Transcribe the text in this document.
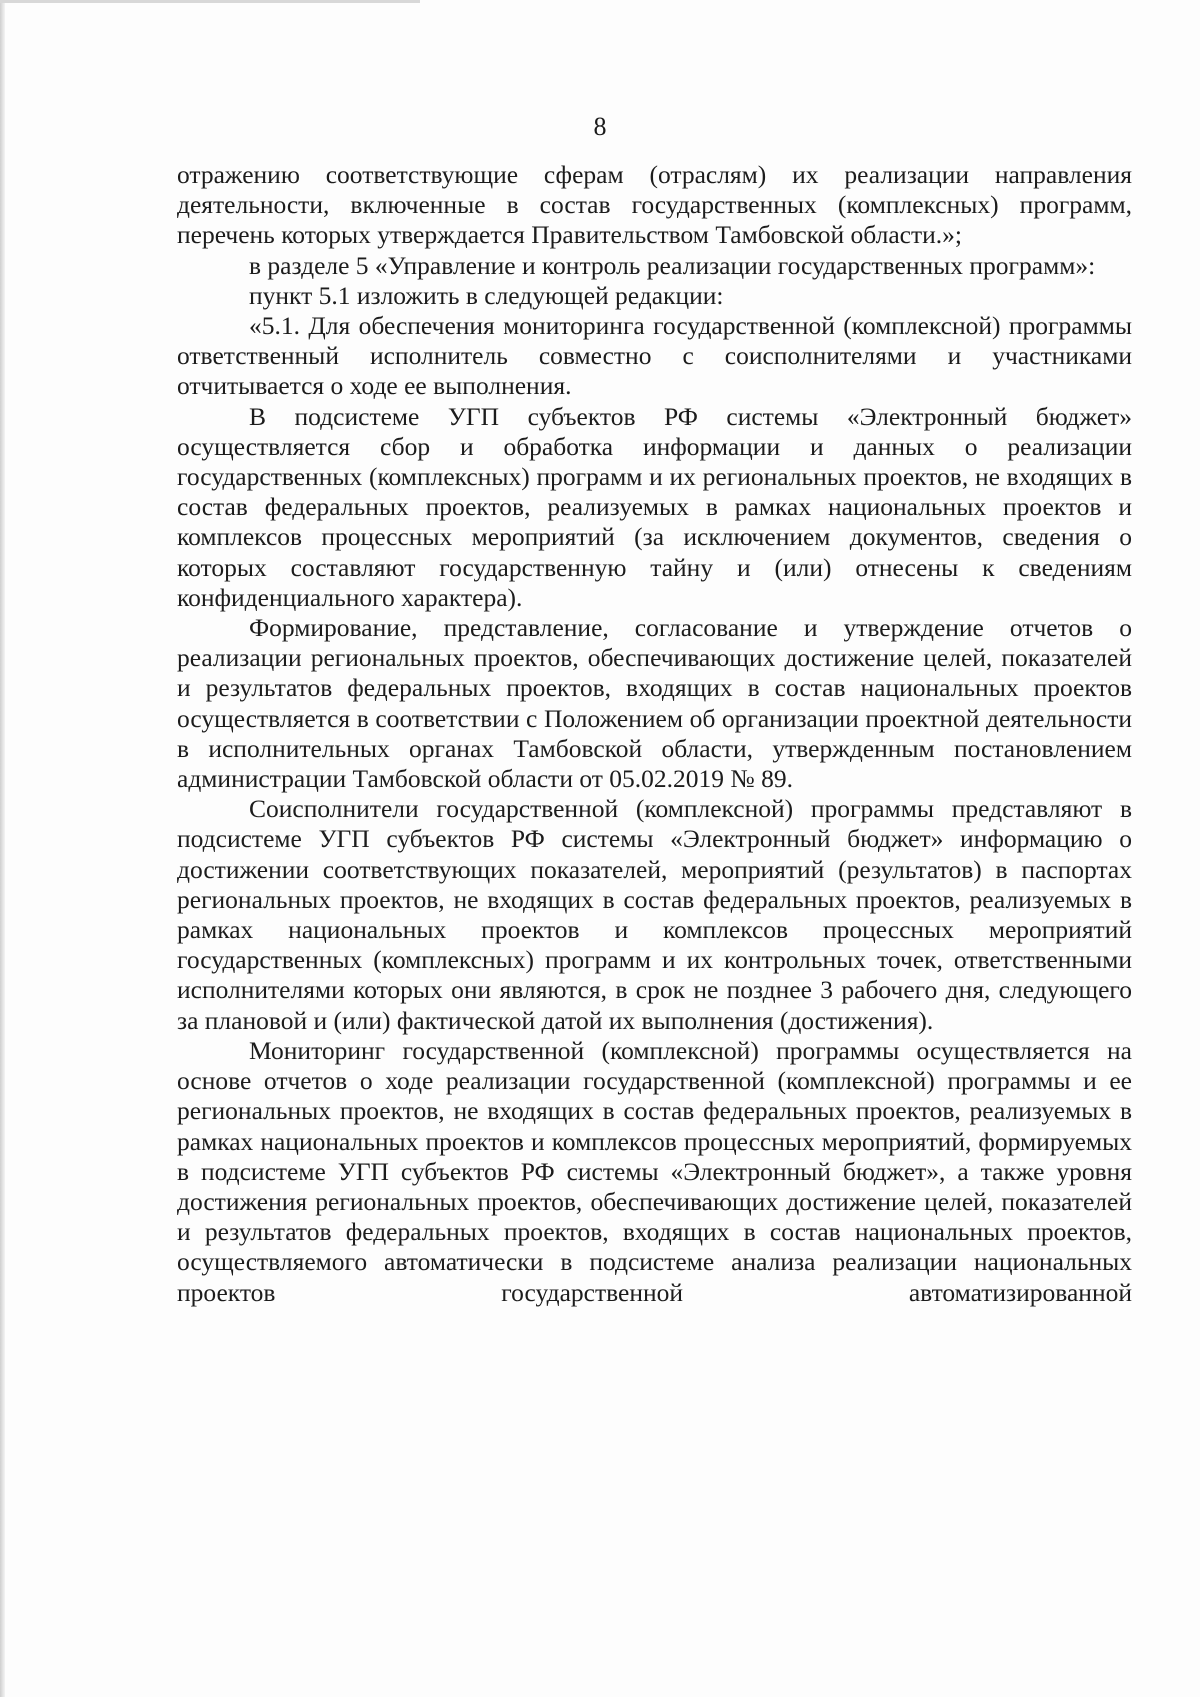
8

отражению соответствующие сферам (отраслям) их реализации направления деятельности, включенные в состав государственных (комплексных) программ, перечень которых утверждается Правительством Тамбовской области.»;

в разделе 5 «Управление и контроль реализации государственных программ»:

пункт 5.1 изложить в следующей редакции:

«5.1. Для обеспечения мониторинга государственной (комплексной) программы ответственный исполнитель совместно с соисполнителями и участниками отчитывается о ходе ее выполнения.

В подсистеме УГП субъектов РФ системы «Электронный бюджет» осуществляется сбор и обработка информации и данных о реализации государственных (комплексных) программ и их региональных проектов, не входящих в состав федеральных проектов, реализуемых в рамках национальных проектов и комплексов процессных мероприятий (за исключением документов, сведения о которых составляют государственную тайну и (или) отнесены к сведениям конфиденциального характера).

Формирование, представление, согласование и утверждение отчетов о реализации региональных проектов, обеспечивающих достижение целей, показателей и результатов федеральных проектов, входящих в состав национальных проектов осуществляется в соответствии с Положением об организации проектной деятельности в исполнительных органах Тамбовской области, утвержденным постановлением администрации Тамбовской области от 05.02.2019 № 89.

Соисполнители государственной (комплексной) программы представляют в подсистеме УГП субъектов РФ системы «Электронный бюджет» информацию о достижении соответствующих показателей, мероприятий (результатов) в паспортах региональных проектов, не входящих в состав федеральных проектов, реализуемых в рамках национальных проектов и комплексов процессных мероприятий государственных (комплексных) программ и их контрольных точек, ответственными исполнителями которых они являются, в срок не позднее 3 рабочего дня, следующего за плановой и (или) фактической датой их выполнения (достижения).

Мониторинг государственной (комплексной) программы осуществляется на основе отчетов о ходе реализации государственной (комплексной) программы и ее региональных проектов, не входящих в состав федеральных проектов, реализуемых в рамках национальных проектов и комплексов процессных мероприятий, формируемых в подсистеме УГП субъектов РФ системы «Электронный бюджет», а также уровня достижения региональных проектов, обеспечивающих достижение целей, показателей и результатов федеральных проектов, входящих в состав национальных проектов, осуществляемого автоматически в подсистеме анализа реализации национальных проектов государственной автоматизированной
